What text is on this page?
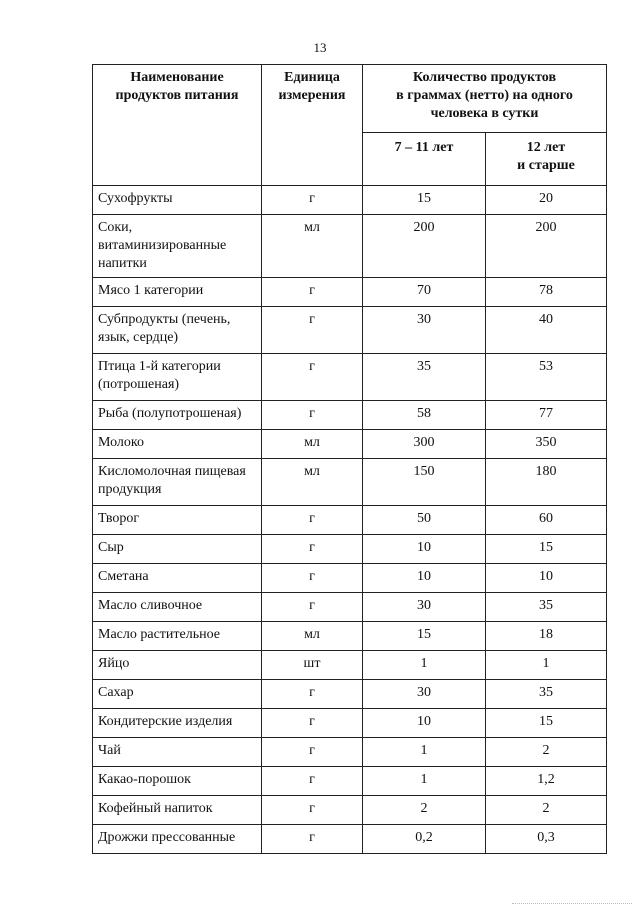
13
Наименование
продуктов питания	Единица
измерения	Количество продуктов
в граммах (нетто) на одного
человека в сутки	
		7 – 11 лет	12 лет
и старше
Сухофрукты	г	15	20
Соки,
витаминизированные
напитки	мл	200	200
Мясо 1 категории	г	70	78
Субпродукты (печень,
язык, сердце)	г	30	40
Птица 1-й категории
(потрошеная)	г	35	53
Рыба (полупотрошеная)	г	58	77
Молоко	мл	300	350
Кисломолочная пищевая
продукция	мл	150	180
Творог	г	50	60
Сыр	г	10	15
Сметана	г	10	10
Масло сливочное	г	30	35
Масло растительное	мл	15	18
Яйцо	шт	1	1
Сахар	г	30	35
Кондитерские изделия	г	10	15
Чай	г	1	2
Какао-порошок	г	1	1,2
Кофейный напиток	г	2	2
Дрожжи прессованные	г	0,2	0,3
